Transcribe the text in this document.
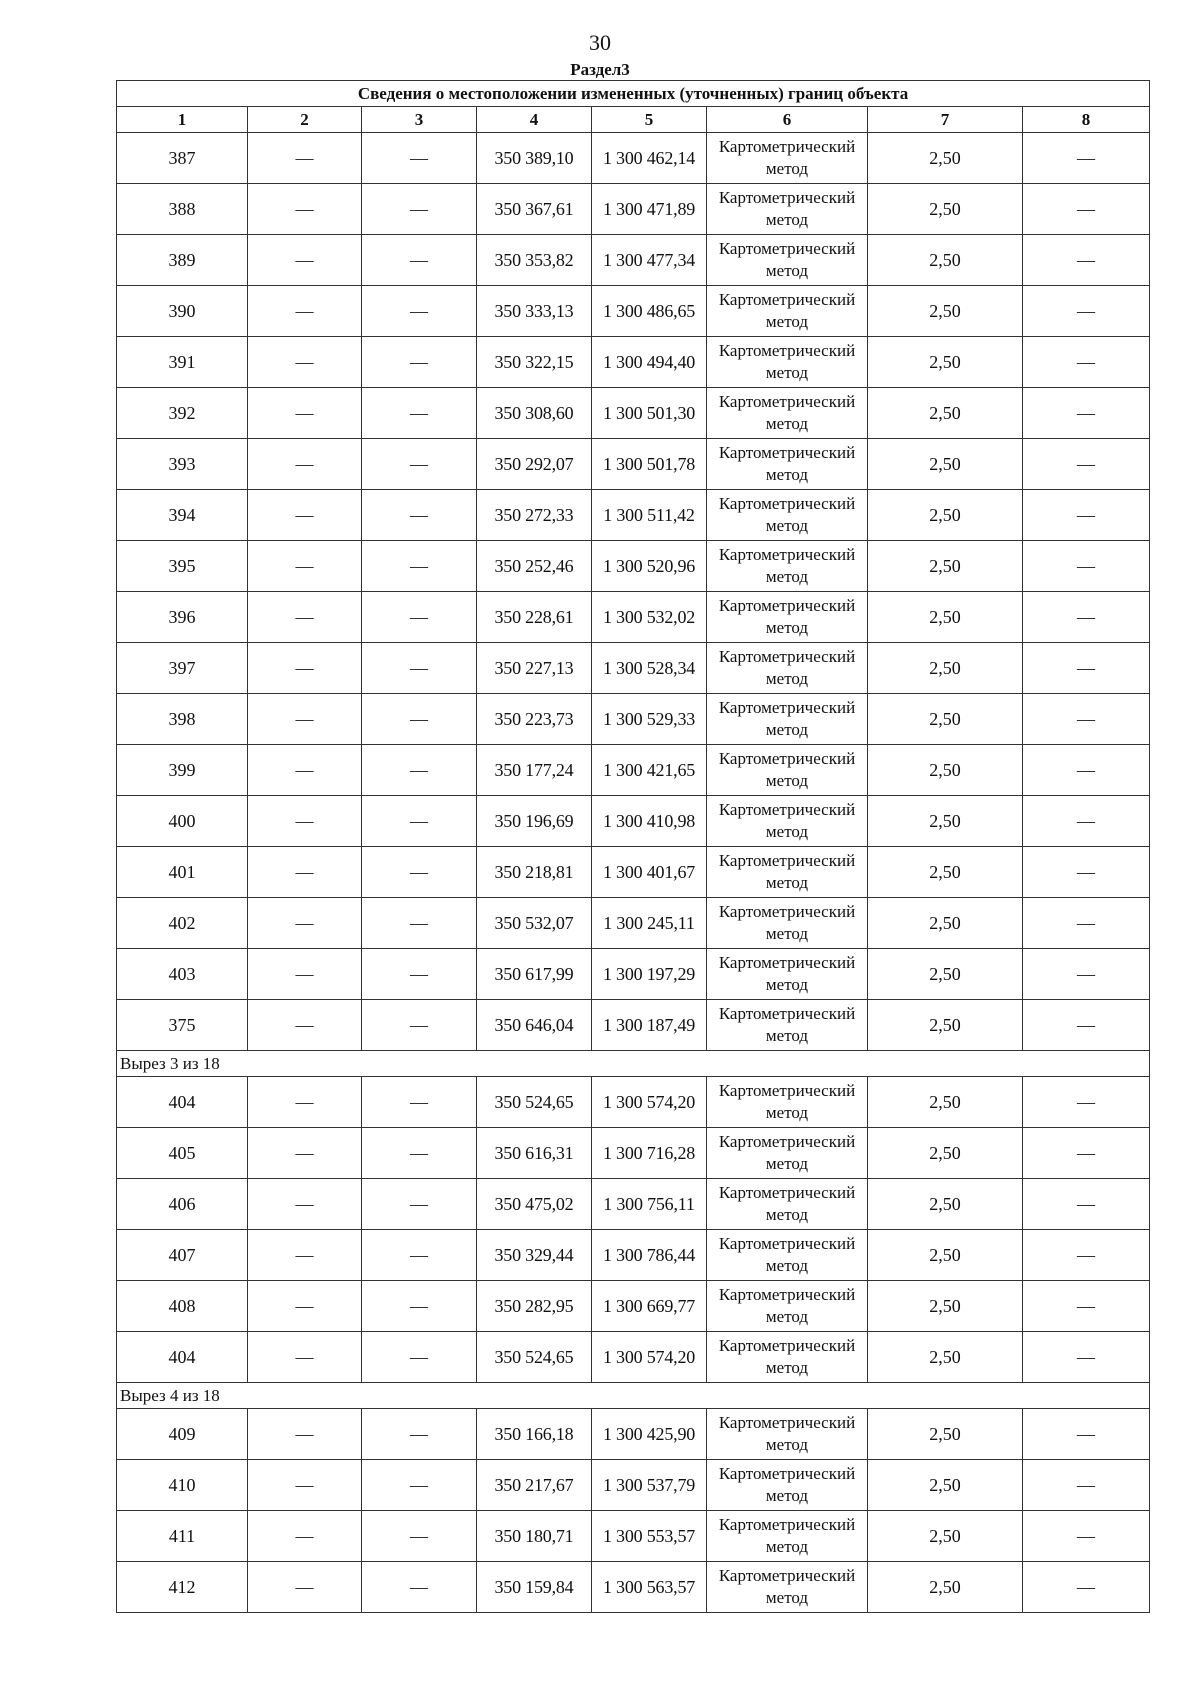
30
Раздел3
Сведения о местоположении измененных (уточненных) границ объекта							
1	2	3	4	5	6	7	8
387	—	—	350 389,10	1 300 462,14	Картометрический метод	2,50	—
388	—	—	350 367,61	1 300 471,89	Картометрический метод	2,50	—
389	—	—	350 353,82	1 300 477,34	Картометрический метод	2,50	—
390	—	—	350 333,13	1 300 486,65	Картометрический метод	2,50	—
391	—	—	350 322,15	1 300 494,40	Картометрический метод	2,50	—
392	—	—	350 308,60	1 300 501,30	Картометрический метод	2,50	—
393	—	—	350 292,07	1 300 501,78	Картометрический метод	2,50	—
394	—	—	350 272,33	1 300 511,42	Картометрический метод	2,50	—
395	—	—	350 252,46	1 300 520,96	Картометрический метод	2,50	—
396	—	—	350 228,61	1 300 532,02	Картометрический метод	2,50	—
397	—	—	350 227,13	1 300 528,34	Картометрический метод	2,50	—
398	—	—	350 223,73	1 300 529,33	Картометрический метод	2,50	—
399	—	—	350 177,24	1 300 421,65	Картометрический метод	2,50	—
400	—	—	350 196,69	1 300 410,98	Картометрический метод	2,50	—
401	—	—	350 218,81	1 300 401,67	Картометрический метод	2,50	—
402	—	—	350 532,07	1 300 245,11	Картометрический метод	2,50	—
403	—	—	350 617,99	1 300 197,29	Картометрический метод	2,50	—
375	—	—	350 646,04	1 300 187,49	Картометрический метод	2,50	—
Вырез 3 из 18							
404	—	—	350 524,65	1 300 574,20	Картометрический метод	2,50	—
405	—	—	350 616,31	1 300 716,28	Картометрический метод	2,50	—
406	—	—	350 475,02	1 300 756,11	Картометрический метод	2,50	—
407	—	—	350 329,44	1 300 786,44	Картометрический метод	2,50	—
408	—	—	350 282,95	1 300 669,77	Картометрический метод	2,50	—
404	—	—	350 524,65	1 300 574,20	Картометрический метод	2,50	—
Вырез 4 из 18							
409	—	—	350 166,18	1 300 425,90	Картометрический метод	2,50	—
410	—	—	350 217,67	1 300 537,79	Картометрический метод	2,50	—
411	—	—	350 180,71	1 300 553,57	Картометрический метод	2,50	—
412	—	—	350 159,84	1 300 563,57	Картометрический метод	2,50	—
